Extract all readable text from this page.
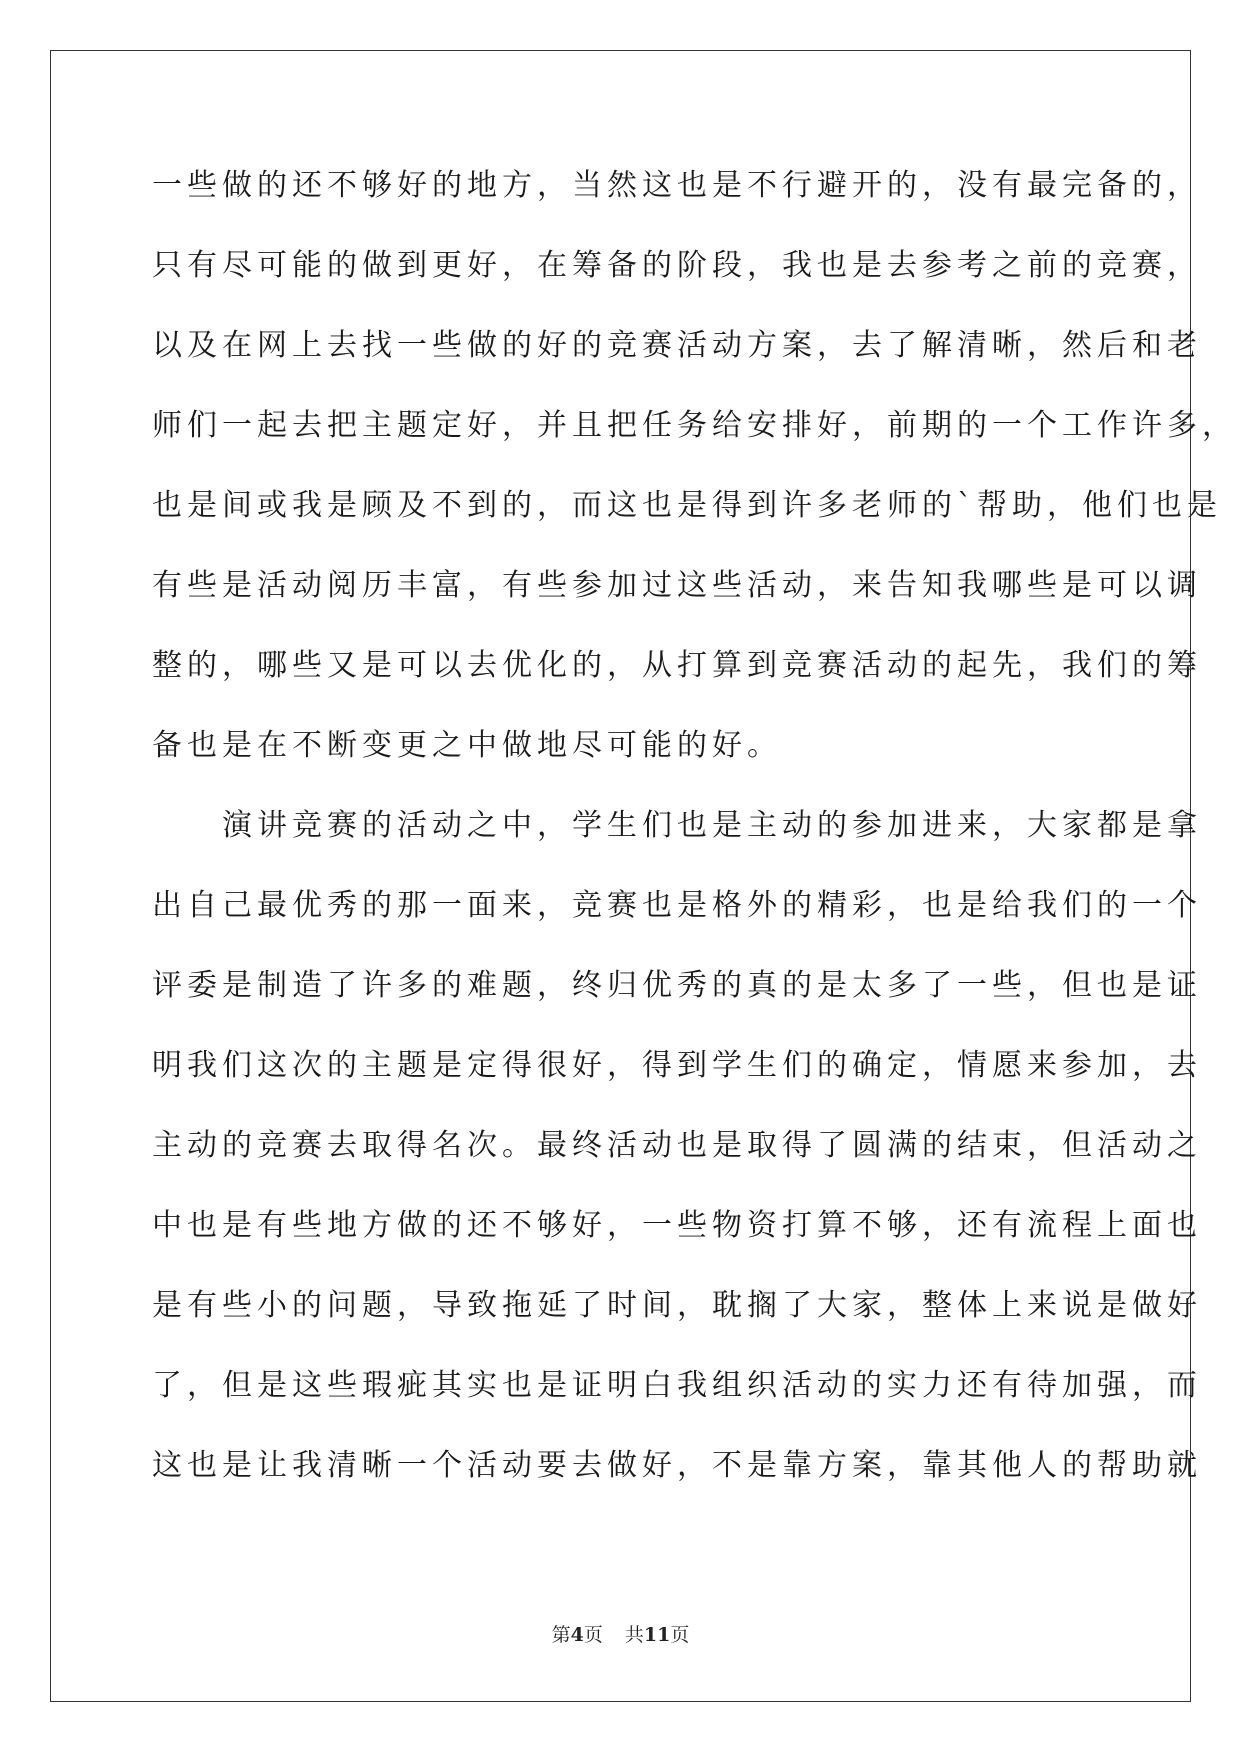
一些做的还不够好的地方，当然这也是不行避开的，没有最完备的，
只有尽可能的做到更好，在筹备的阶段，我也是去参考之前的竞赛，
以及在网上去找一些做的好的竞赛活动方案，去了解清晰，然后和老
师们一起去把主题定好，并且把任务给安排好，前期的一个工作许多，
也是间或我是顾及不到的，而这也是得到许多老师的`帮助，他们也是
有些是活动阅历丰富，有些参加过这些活动，来告知我哪些是可以调
整的，哪些又是可以去优化的，从打算到竞赛活动的起先，我们的筹
备也是在不断变更之中做地尽可能的好。
　　演讲竞赛的活动之中，学生们也是主动的参加进来，大家都是拿
出自己最优秀的那一面来，竞赛也是格外的精彩，也是给我们的一个
评委是制造了许多的难题，终归优秀的真的是太多了一些，但也是证
明我们这次的主题是定得很好，得到学生们的确定，情愿来参加，去
主动的竞赛去取得名次。最终活动也是取得了圆满的结束，但活动之
中也是有些地方做的还不够好，一些物资打算不够，还有流程上面也
是有些小的问题，导致拖延了时间，耽搁了大家，整体上来说是做好
了，但是这些瑕疵其实也是证明白我组织活动的实力还有待加强，而
这也是让我清晰一个活动要去做好，不是靠方案，靠其他人的帮助就
第4页 共11页
